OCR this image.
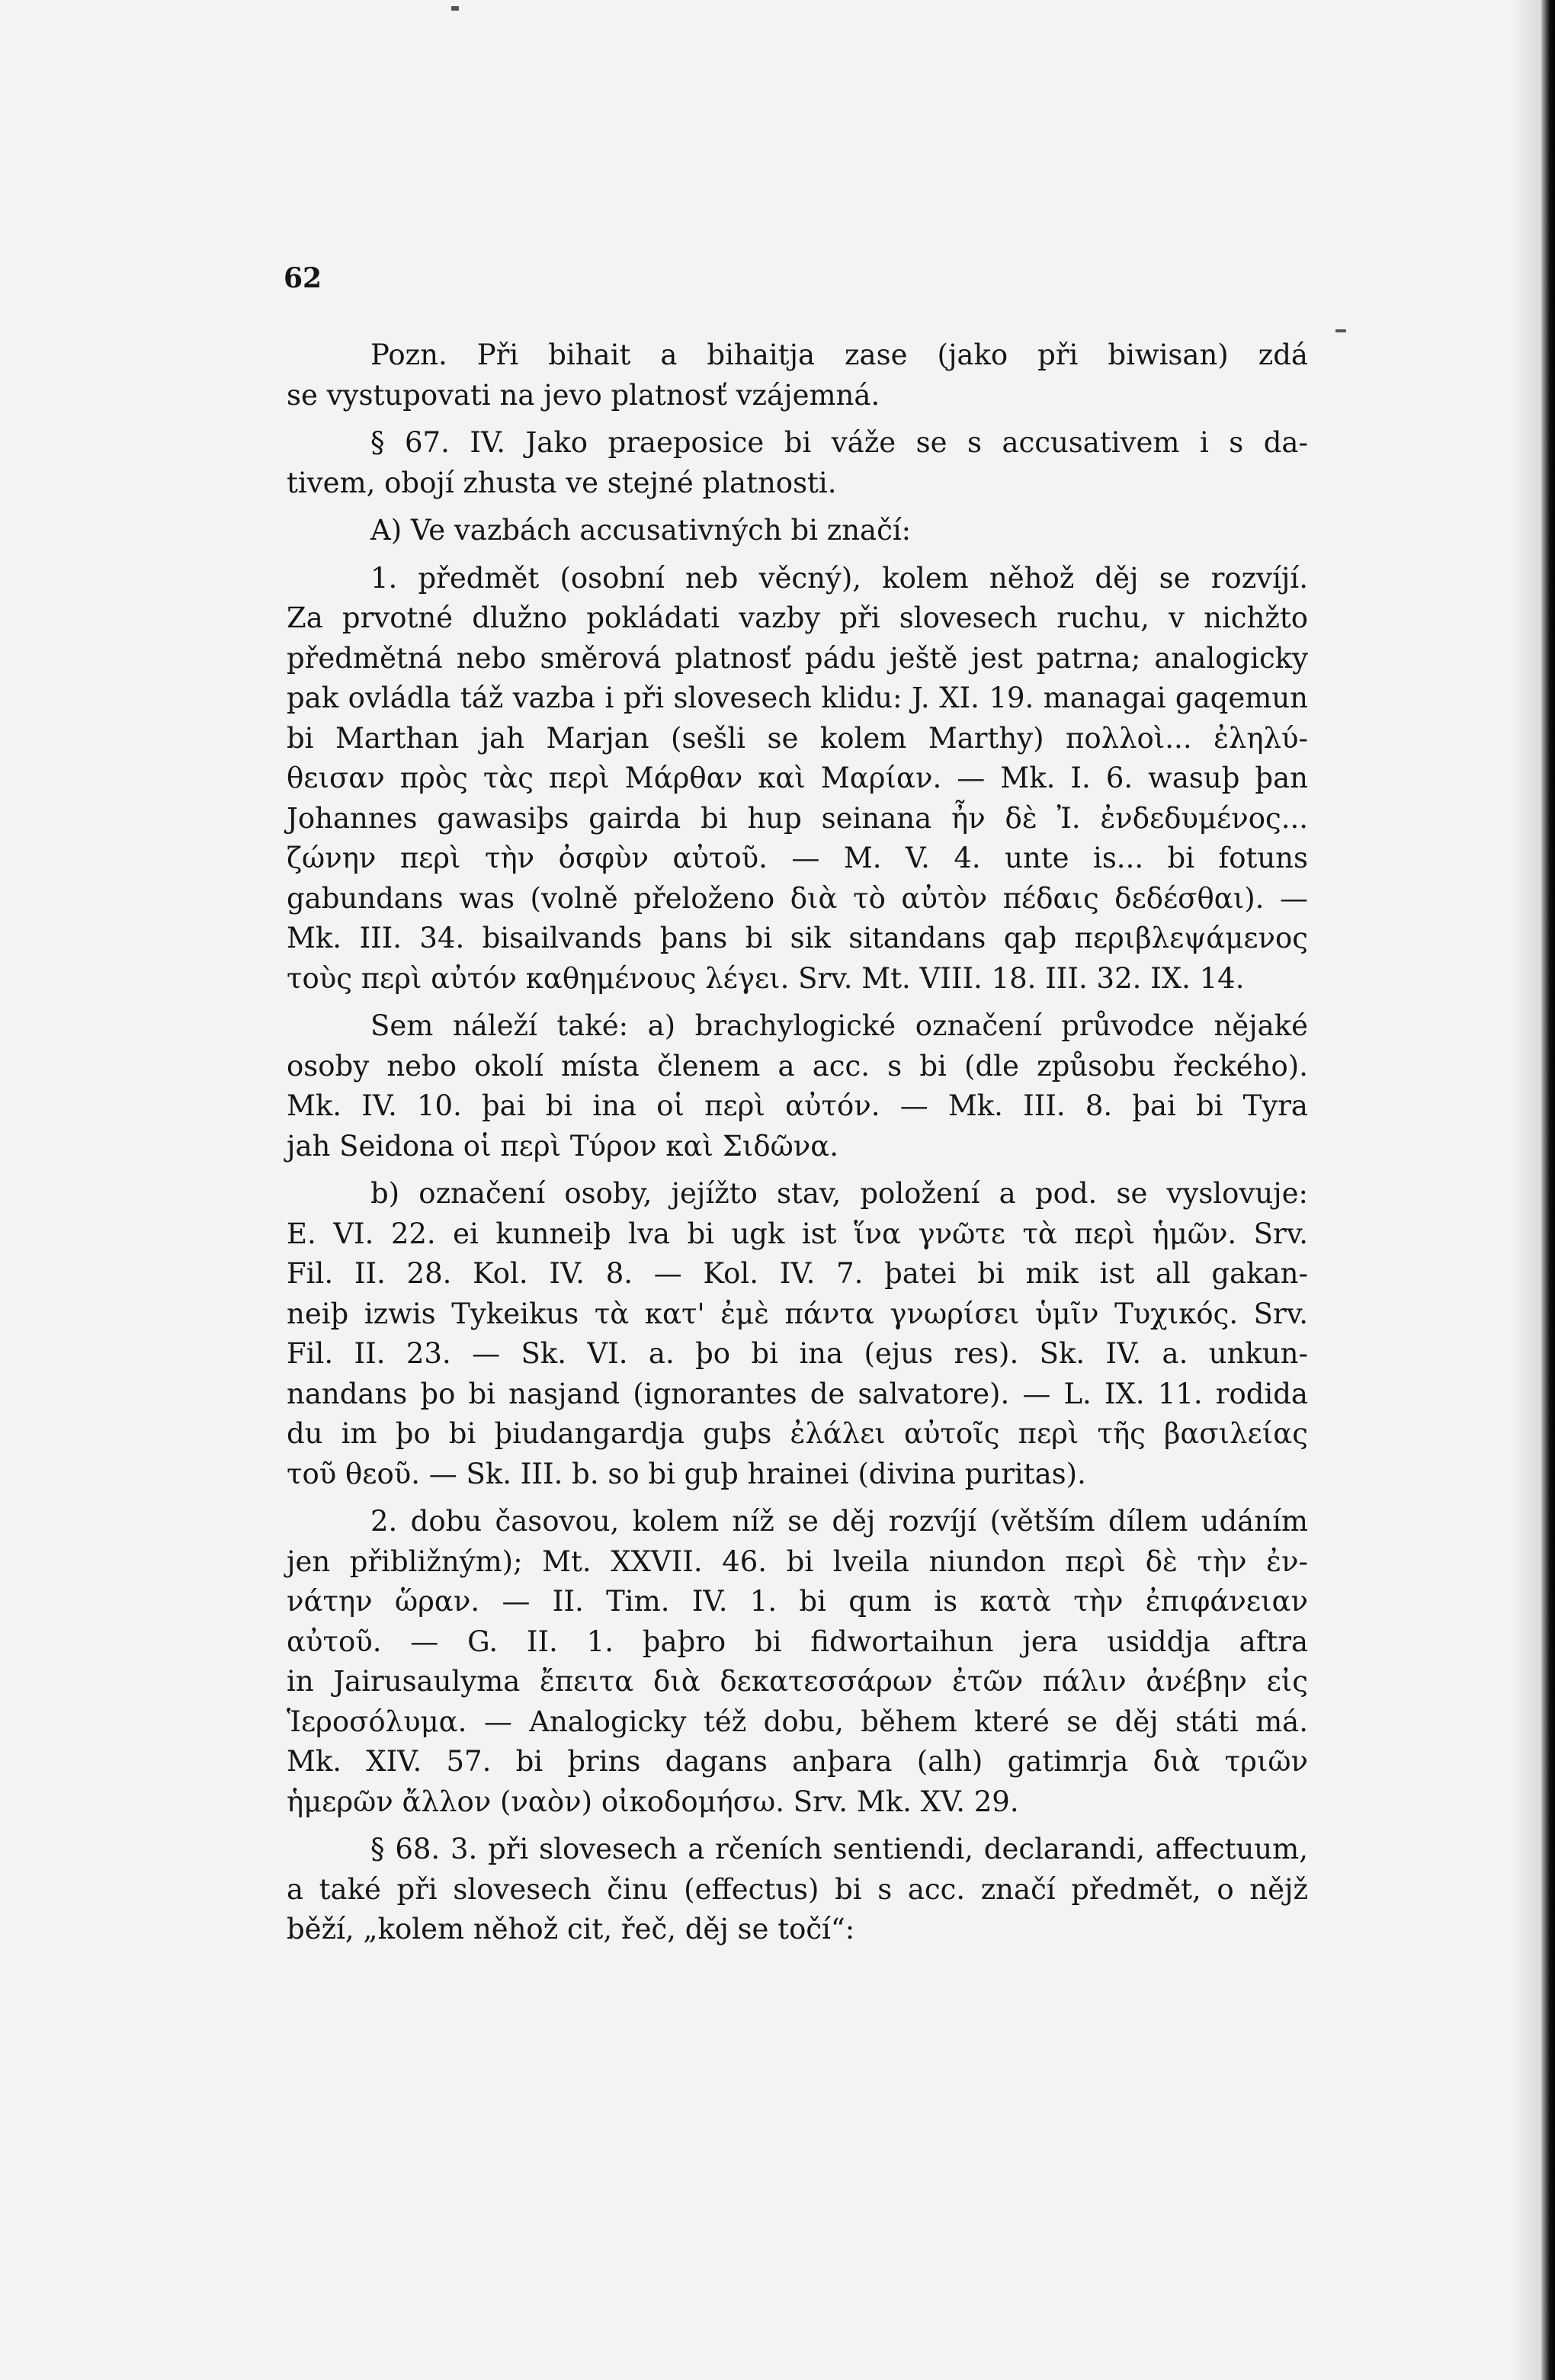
62
Pozn. Při bihait a bihaitja zase (jako při biwisan) zdá
se vystupovati na jevo platnosť vzájemná.
§ 67. IV. Jako praeposice bi váže se s accusativem i s da-
tivem, obojí zhusta ve stejné platnosti.
A) Ve vazbách accusativných bi značí:
1. předmět (osobní neb věcný), kolem něhož děj se rozvíjí.
Za prvotné dlužno pokládati vazby při slovesech ruchu, v nichžto
předmětná nebo směrová platnosť pádu ještě jest patrna; analogicky
pak ovládla táž vazba i při slovesech klidu: J. XI. 19. managai gaqemun
bi Marthan jah Marjan (sešli se kolem Marthy) πολλοὶ... ἐληλύ-
θεισαν πρὸς τὰς περὶ Μάρθαν καὶ Μαρίαν. — Mk. I. 6. wasuþ þan
Johannes gawasiþs gairda bi hup seinana ἦν δὲ Ἰ. ἐνδεδυμένος...
ζώνην περὶ τὴν ὀσφὺν αὐτοῦ. — M. V. 4. unte is... bi fotuns
gabundans was (volně přeloženo διὰ τὸ αὐτὸν πέδαις δεδέσθαι). —
Mk. III. 34. bisailvands þans bi sik sitandans qaþ περιβλεψάμενος
τοὺς περὶ αὐτόν καθημένους λέγει. Srv. Mt. VIII. 18. III. 32. IX. 14.
Sem náleží také: a) brachylogické označení průvodce nějaké
osoby nebo okolí místa členem a acc. s bi (dle způsobu řeckého).
Mk. IV. 10. þai bi ina οἱ περὶ αὐτόν. — Mk. III. 8. þai bi Tyra
jah Seidona οἱ περὶ Τύρον καὶ Σιδῶνα.
b) označení osoby, jejížto stav, položení a pod. se vyslovuje:
E. VI. 22. ei kunneiþ lva bi ugk ist ἵνα γνῶτε τὰ περὶ ἡμῶν. Srv.
Fil. II. 28. Kol. IV. 8. — Kol. IV. 7. þatei bi mik ist all gakan-
neiþ izwis Tykeikus τὰ κατ' ἐμὲ πάντα γνωρίσει ὑμῖν Τυχικός. Srv.
Fil. II. 23. — Sk. VI. a. þo bi ina (ejus res). Sk. IV. a. unkun-
nandans þo bi nasjand (ignorantes de salvatore). — L. IX. 11. rodida
du im þo bi þiudangardja guþs ἐλάλει αὐτοῖς περὶ τῆς βασιλείας
τοῦ θεοῦ. — Sk. III. b. so bi guþ hrainei (divina puritas).
2. dobu časovou, kolem níž se děj rozvíjí (větším dílem udáním
jen přibližným); Mt. XXVII. 46. bi lveila niundon περὶ δὲ τὴν ἐν-
νάτην ὥραν. — II. Tim. IV. 1. bi qum is κατὰ τὴν ἐπιφάνειαν
αὐτοῦ. — G. II. 1. þaþro bi fidwortaihun jera usiddja aftra
in Jairusaulyma ἔπειτα διὰ δεκατεσσάρων ἐτῶν πάλιν ἀνέβην εἰς
Ἱεροσόλυμα. — Analogicky též dobu, během které se děj státi má.
Mk. XIV. 57. bi þrins dagans anþara (alh) gatimrja διὰ τριῶν
ἡμερῶν ἄλλον (ναὸν) οἰκοδομήσω. Srv. Mk. XV. 29.
§ 68. 3. při slovesech a rčeních sentiendi, declarandi, affectuum,
a také při slovesech činu (effectus) bi s acc. značí předmět, o nějž
běží, „kolem něhož cit, řeč, děj se točí“:
